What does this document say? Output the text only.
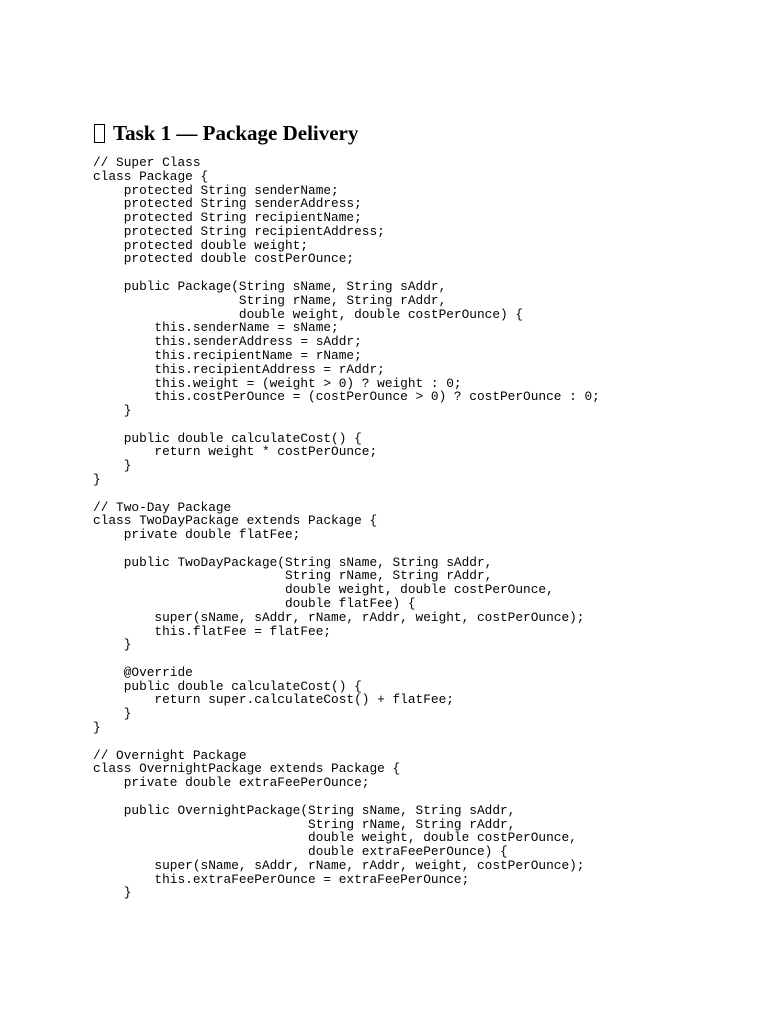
Task 1 — Package Delivery
// Super Class
class Package {
protected String senderName;
protected String senderAddress;
protected String recipientName;
protected String recipientAddress;
protected double weight;
protected double costPerOunce;

public Package(String sName, String sAddr,
String rName, String rAddr,
double weight, double costPerOunce) {
this.senderName = sName;
this.senderAddress = sAddr;
this.recipientName = rName;
this.recipientAddress = rAddr;
this.weight = (weight > 0) ? weight : 0;
this.costPerOunce = (costPerOunce > 0) ? costPerOunce : 0;
}

public double calculateCost() {
return weight * costPerOunce;
}
}

// Two-Day Package
class TwoDayPackage extends Package {
private double flatFee;

public TwoDayPackage(String sName, String sAddr,
String rName, String rAddr,
double weight, double costPerOunce,
double flatFee) {
super(sName, sAddr, rName, rAddr, weight, costPerOunce);
this.flatFee = flatFee;
}

@Override
public double calculateCost() {
return super.calculateCost() + flatFee;
}
}

// Overnight Package
class OvernightPackage extends Package {
private double extraFeePerOunce;

public OvernightPackage(String sName, String sAddr,
String rName, String rAddr,
double weight, double costPerOunce,
double extraFeePerOunce) {
super(sName, sAddr, rName, rAddr, weight, costPerOunce);
this.extraFeePerOunce = extraFeePerOunce;
}
